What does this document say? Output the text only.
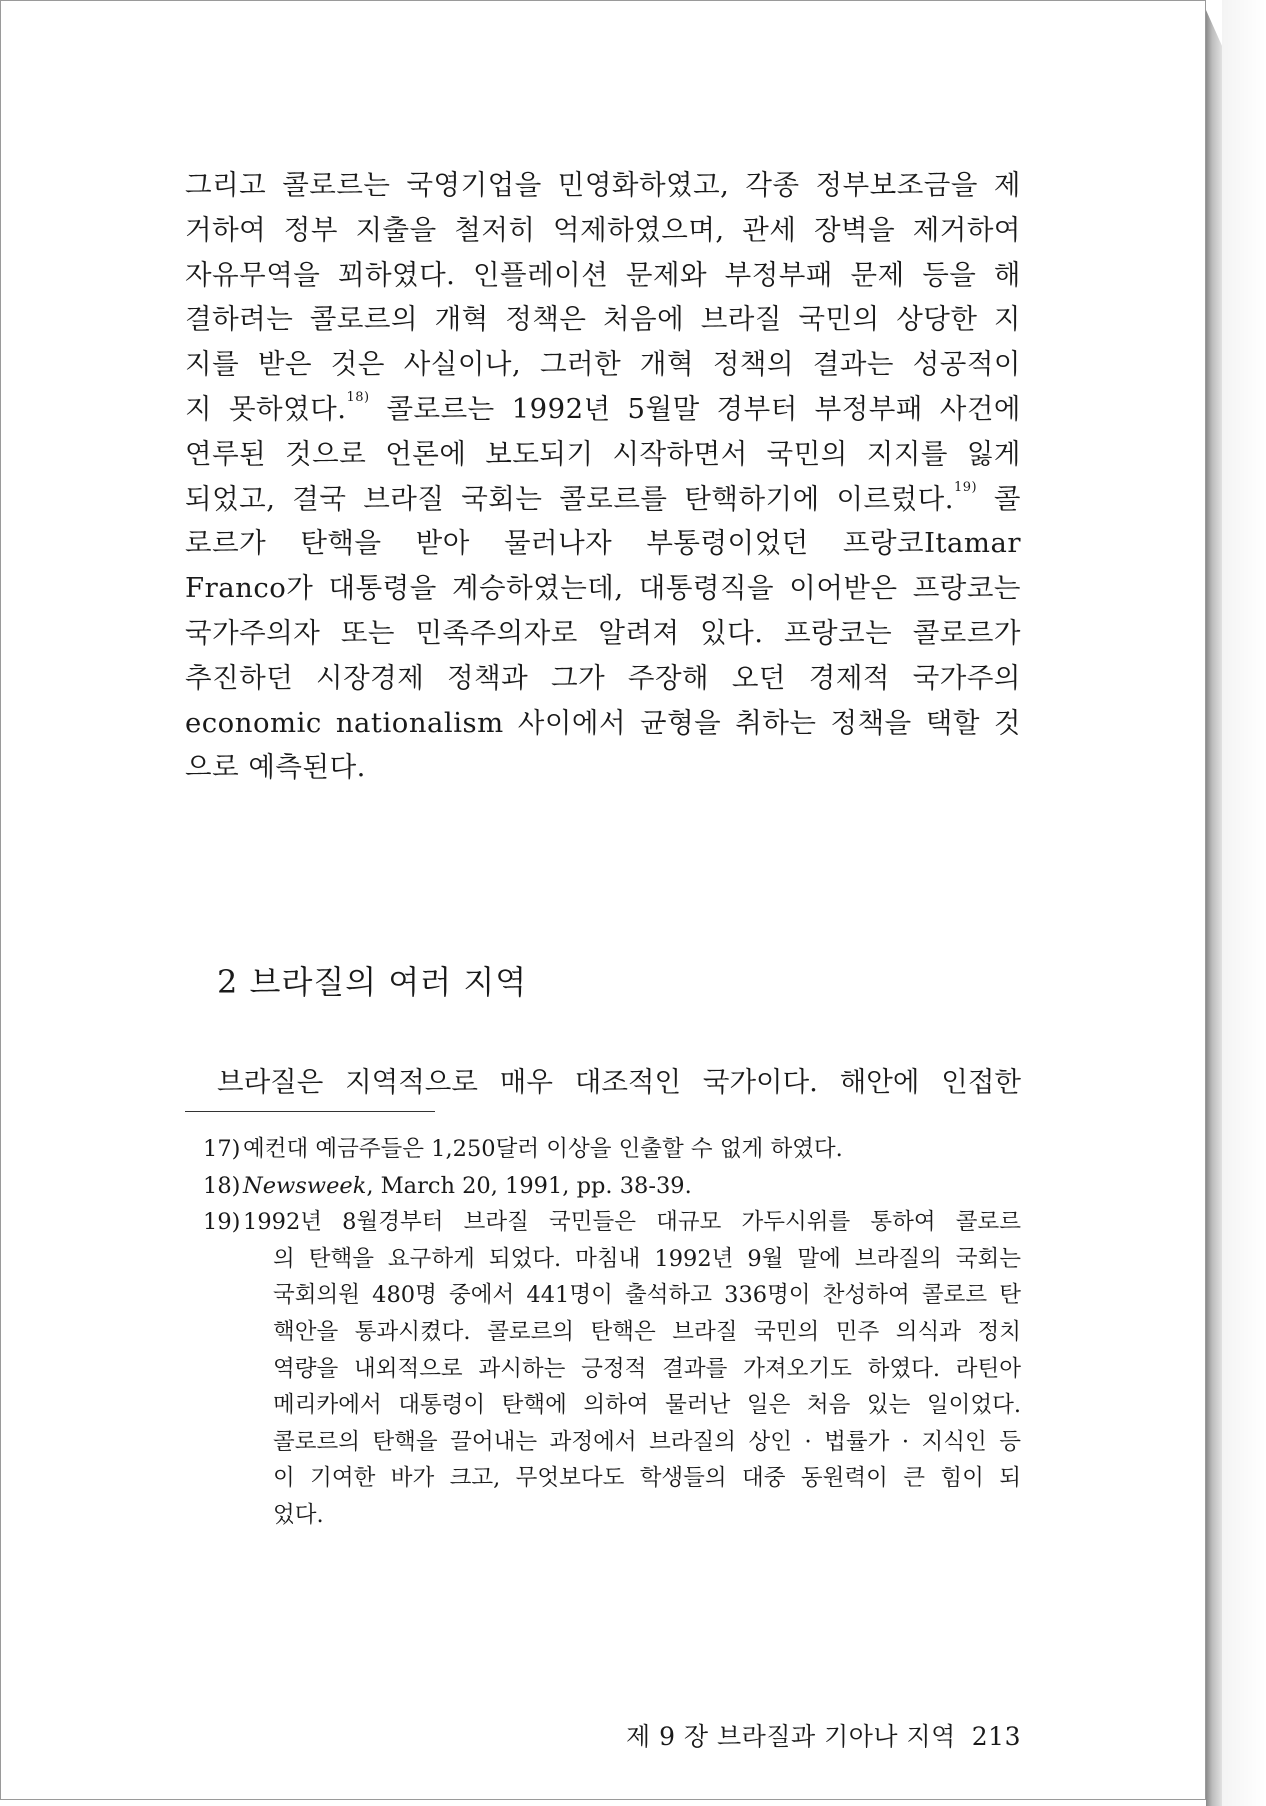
그리고 콜로르는 국영기업을 민영화하였고, 각종 정부보조금을 제
거하여 정부 지출을 철저히 억제하였으며, 관세 장벽을 제거하여
자유무역을 꾀하였다. 인플레이션 문제와 부정부패 문제 등을 해
결하려는 콜로르의 개혁 정책은 처음에 브라질 국민의 상당한 지
지를 받은 것은 사실이나, 그러한 개혁 정책의 결과는 성공적이
지 못하였다.$^{18)}$ 콜로르는 1992년 5월말 경부터 부정부패 사건에
연루된 것으로 언론에 보도되기 시작하면서 국민의 지지를 잃게
되었고, 결국 브라질 국회는 콜로르를 탄핵하기에 이르렀다.$^{19)}$ 콜
로르가 탄핵을 받아 물러나자 부통령이었던 프랑코Itamar
Franco가 대통령을 계승하였는데, 대통령직을 이어받은 프랑코는
국가주의자 또는 민족주의자로 알려져 있다. 프랑코는 콜로르가
추진하던 시장경제 정책과 그가 주장해 오던 경제적 국가주의
economic nationalism 사이에서 균형을 취하는 정책을 택할 것
으로 예측된다.
2 브라질의 여러 지역
브라질은 지역적으로 매우 대조적인 국가이다. 해안에 인접한
17) 예컨대 예금주들은 1,250달러 이상을 인출할 수 없게 하였다.
18) Newsweek, March 20, 1991, pp. 38-39.
19) 1992년 8월경부터 브라질 국민들은 대규모 가두시위를 통하여 콜로르
의 탄핵을 요구하게 되었다. 마침내 1992년 9월 말에 브라질의 국회는
국회의원 480명 중에서 441명이 출석하고 336명이 찬성하여 콜로르 탄
핵안을 통과시켰다. 콜로르의 탄핵은 브라질 국민의 민주 의식과 정치
역량을 내외적으로 과시하는 긍정적 결과를 가져오기도 하였다. 라틴아
메리카에서 대통령이 탄핵에 의하여 물러난 일은 처음 있는 일이었다.
콜로르의 탄핵을 끌어내는 과정에서 브라질의 상인 · 법률가 · 지식인 등
이 기여한 바가 크고, 무엇보다도 학생들의 대중 동원력이 큰 힘이 되
었다.
제 9 장 브라질과 기아나 지역 213
